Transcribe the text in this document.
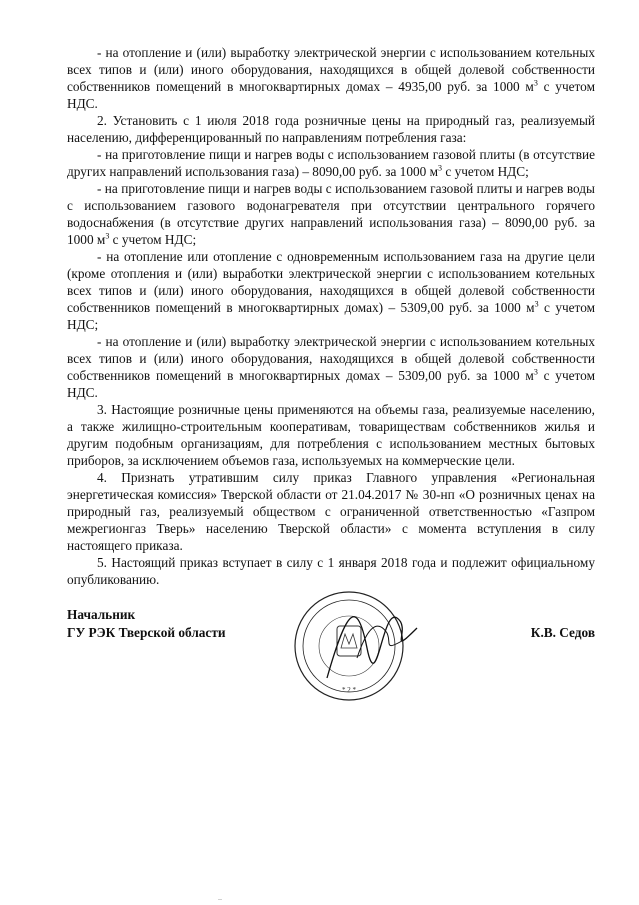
- на отопление и (или) выработку электрической энергии с использованием котельных всех типов и (или) иного оборудования, находящихся в общей долевой собственности собственников помещений в многоквартирных домах – 4935,00 руб. за 1000 $м^3$ с учетом НДС.

2. Установить с 1 июля 2018 года розничные цены на природный газ, реализуемый населению, дифференцированный по направлениям потребления газа:

- на приготовление пищи и нагрев воды с использованием газовой плиты (в отсутствие других направлений использования газа) – 8090,00 руб. за 1000 $м^3$ с учетом НДС;

- на приготовление пищи и нагрев воды с использованием газовой плиты и нагрев воды с использованием газового водонагревателя при отсутствии центрального горячего водоснабжения (в отсутствие других направлений использования газа) – 8090,00 руб. за 1000 $м^3$ с учетом НДС;

- на отопление или отопление с одновременным использованием газа на другие цели (кроме отопления и (или) выработки электрической энергии с использованием котельных всех типов и (или) иного оборудования, находящихся в общей долевой собственности собственников помещений в многоквартирных домах) – 5309,00 руб. за 1000 $м^3$ с учетом НДС;

- на отопление и (или) выработку электрической энергии с использованием котельных всех типов и (или) иного оборудования, находящихся в общей долевой собственности собственников помещений в многоквартирных домах – 5309,00 руб. за 1000 $м^3$ с учетом НДС.

3. Настоящие розничные цены применяются на объемы газа, реализуемые населению, а также жилищно-строительным кооперативам, товариществам собственников жилья и другим подобным организациям, для потребления с использованием местных бытовых приборов, за исключением объемов газа, используемых на коммерческие цели.

4. Признать утратившим силу приказ Главного управления «Региональная энергетическая комиссия» Тверской области от 21.04.2017 № 30-нп «О розничных ценах на природный газ, реализуемый обществом с ограниченной ответственностью «Газпром межрегионгаз Тверь» населению Тверской области» с момента вступления в силу настоящего приказа.

5. Настоящий приказ вступает в силу с 1 января 2018 года и подлежит официальному опубликованию.

Начальник
ГУ РЭК Тверской области
* 2 *
К.В. Седов
..
